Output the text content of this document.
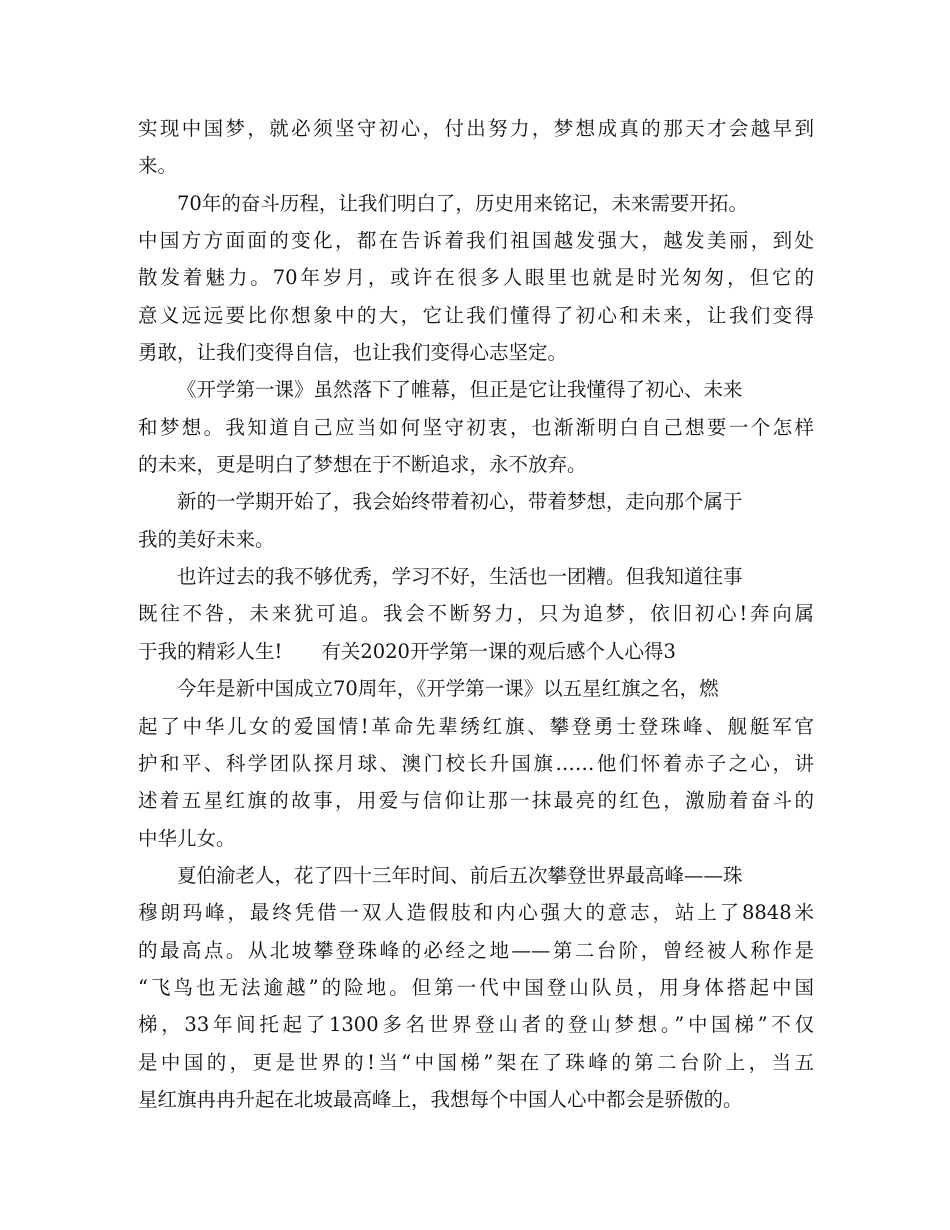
实现中国梦，就必须坚守初心，付出努力，梦想成真的那天才会越早到
来。
70年的奋斗历程，让我们明白了，历史用来铭记，未来需要开拓。
中国方方面面的变化，都在告诉着我们祖国越发强大，越发美丽，到处
散发着魅力。70年岁月，或许在很多人眼里也就是时光匆匆，但它的
意义远远要比你想象中的大，它让我们懂得了初心和未来，让我们变得
勇敢，让我们变得自信，也让我们变得心志坚定。
《开学第一课》虽然落下了帷幕，但正是它让我懂得了初心、未来
和梦想。我知道自己应当如何坚守初衷，也渐渐明白自己想要一个怎样
的未来，更是明白了梦想在于不断追求，永不放弃。
新的一学期开始了，我会始终带着初心，带着梦想，走向那个属于
我的美好未来。
也许过去的我不够优秀，学习不好，生活也一团糟。但我知道往事
既往不咎，未来犹可追。我会不断努力，只为追梦，依旧初心!奔向属
于我的精彩人生!　　有关2020开学第一课的观后感个人心得3
今年是新中国成立70周年，《开学第一课》以五星红旗之名，燃
起了中华儿女的爱国情!革命先辈绣红旗、攀登勇士登珠峰、舰艇军官
护和平、科学团队探月球、澳门校长升国旗……他们怀着赤子之心，讲
述着五星红旗的故事，用爱与信仰让那一抹最亮的红色，激励着奋斗的
中华儿女。
夏伯渝老人，花了四十三年时间、前后五次攀登世界最高峰——珠
穆朗玛峰，最终凭借一双人造假肢和内心强大的意志，站上了8848米
的最高点。从北坡攀登珠峰的必经之地——第二台阶，曾经被人称作是
“飞鸟也无法逾越”的险地。但第一代中国登山队员，用身体搭起中国
梯，33年间托起了1300多名世界登山者的登山梦想。”中国梯”不仅
是中国的，更是世界的!当“中国梯”架在了珠峰的第二台阶上，当五
星红旗冉冉升起在北坡最高峰上，我想每个中国人心中都会是骄傲的。
